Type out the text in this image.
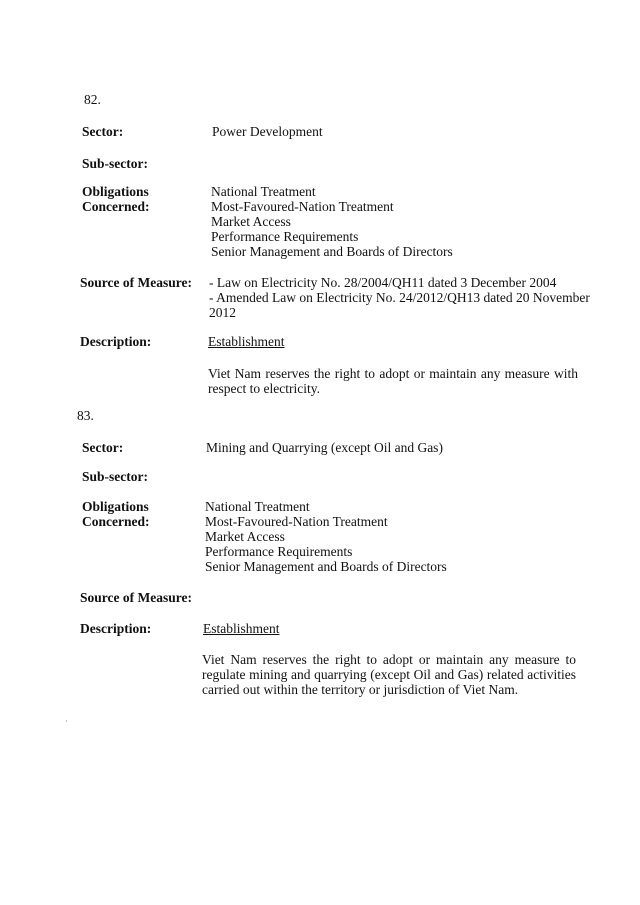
82.
Sector:	Power Development
Sub-sector:
Obligations
Concerned:
National Treatment
Most-Favoured-Nation Treatment
Market Access
Performance Requirements
Senior Management and Boards of Directors
Source of Measure: - Law on Electricity No. 28/2004/QH11 dated 3 December 2004
- Amended Law on Electricity No. 24/2012/QH13 dated 20 November
2012
Description:	Establishment
Viet Nam reserves the right to adopt or maintain any measure with respect to electricity.
83.
Sector:	Mining and Quarrying (except Oil and Gas)
Sub-sector:
Obligations
Concerned:
National Treatment
Most-Favoured-Nation Treatment
Market Access
Performance Requirements
Senior Management and Boards of Directors
Source of Measure:
Description:	Establishment
Viet Nam reserves the right to adopt or maintain any measure to regulate mining and quarrying (except Oil and Gas) related activities carried out within the territory or jurisdiction of Viet Nam.
